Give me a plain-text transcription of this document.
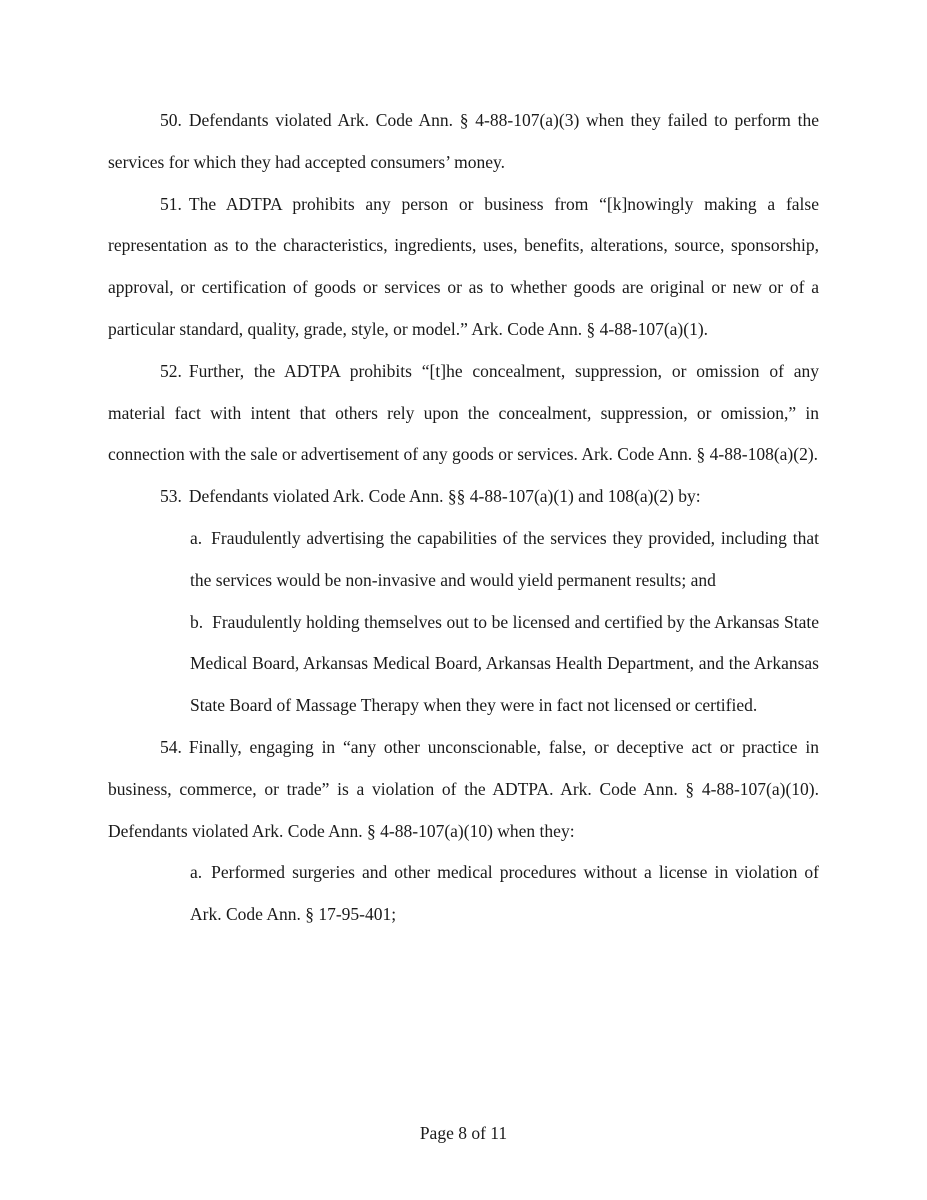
50. Defendants violated Ark. Code Ann. § 4-88-107(a)(3) when they failed to perform the services for which they had accepted consumers’ money.

51. The ADTPA prohibits any person or business from “[k]nowingly making a false representation as to the characteristics, ingredients, uses, benefits, alterations, source, sponsorship, approval, or certification of goods or services or as to whether goods are original or new or of a particular standard, quality, grade, style, or model.” Ark. Code Ann. § 4-88-107(a)(1).

52. Further, the ADTPA prohibits “[t]he concealment, suppression, or omission of any material fact with intent that others rely upon the concealment, suppression, or omission,” in connection with the sale or advertisement of any goods or services. Ark. Code Ann. § 4-88-108(a)(2).

53. Defendants violated Ark. Code Ann. §§ 4-88-107(a)(1) and 108(a)(2) by:

a. Fraudulently advertising the capabilities of the services they provided, including that the services would be non-invasive and would yield permanent results; and

b. Fraudulently holding themselves out to be licensed and certified by the Arkansas State Medical Board, Arkansas Medical Board, Arkansas Health Department, and the Arkansas State Board of Massage Therapy when they were in fact not licensed or certified.

54. Finally, engaging in “any other unconscionable, false, or deceptive act or practice in business, commerce, or trade” is a violation of the ADTPA. Ark. Code Ann. § 4-88-107(a)(10). Defendants violated Ark. Code Ann. § 4-88-107(a)(10) when they:

a. Performed surgeries and other medical procedures without a license in violation of Ark. Code Ann. § 17-95-401;

Page 8 of 11
